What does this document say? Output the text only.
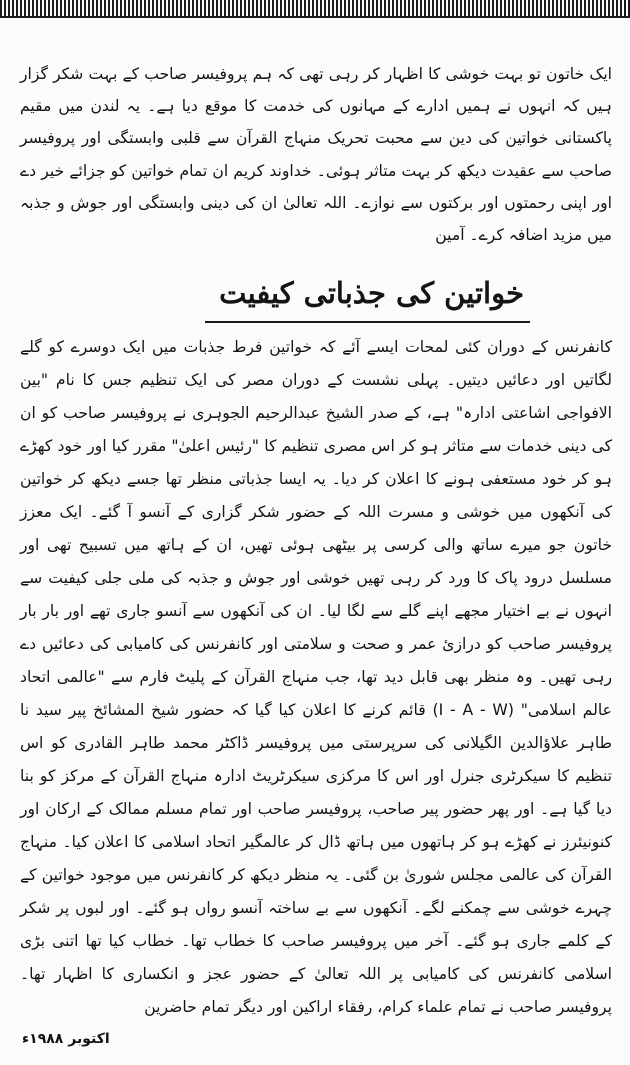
ایک خاتون تو بہت خوشی کا اظہار کر رہی تھی کہ ہم پروفیسر صاحب کے بہت شکر گزار ہیں کہ انہوں نے ہمیں ادارے کے مہانوں کی خدمت کا موقع دیا ہے۔ یہ لندن میں مقیم پاکستانی خواتین کی دین سے محبت تحریک منہاج القرآن سے قلبی وابستگی اور پروفیسر صاحب سے عقیدت دیکھ کر بہت متاثر ہوئی۔ خداوند کریم ان تمام خواتین کو جزائے خیر دے اور اپنی رحمتوں اور برکتوں سے نوازے۔ اللہ تعالیٰ ان کی دینی وابستگی اور جوش و جذبہ میں مزید اضافہ کرے۔ آمین

خواتین کی جذباتی کیفیت

کانفرنس کے دوران کئی لمحات ایسے آئے کہ خواتین فرط جذبات میں ایک دوسرے کو گلے لگاتیں اور دعائیں دیتیں۔ پہلی نشست کے دوران مصر کی ایک تنظیم جس کا نام "بین الافواجی اشاعتی ادارہ" ہے، کے صدر الشیخ عبدالرحیم الجوہری نے پروفیسر صاحب کو ان کی دینی خدمات سے متاثر ہو کر اس مصری تنظیم کا "رئیس اعلیٰ" مقرر کیا اور خود کھڑے ہو کر خود مستعفی ہونے کا اعلان کر دیا۔ یہ ایسا جذباتی منظر تھا جسے دیکھ کر خواتین کی آنکھوں میں خوشی و مسرت اللہ کے حضور شکر گزاری کے آنسو آ گئے۔ ایک معزز خاتون جو میرے ساتھ والی کرسی پر بیٹھی ہوئی تھیں، ان کے ہاتھ میں تسبیح تھی اور مسلسل درود پاک کا ورد کر رہی تھیں خوشی اور جوش و جذبہ کی ملی جلی کیفیت سے انہوں نے بے اختیار مجھے اپنے گلے سے لگا لیا۔ ان کی آنکھوں سے آنسو جاری تھے اور بار بار پروفیسر صاحب کو درازئ عمر و صحت و سلامتی اور کانفرنس کی کامیابی کی دعائیں دے رہی تھیں۔ وہ منظر بھی قابل دید تھا، جب منہاج القرآن کے پلیٹ فارم سے "عالمی اتحاد عالم اسلامی" (I - A - W) قائم کرنے کا اعلان کیا گیا کہ حضور شیخ المشائخ پیر سید نا طاہر علاؤالدین الگیلانی کی سرپرستی میں پروفیسر ڈاکٹر محمد طاہر القادری کو اس تنظیم کا سیکرٹری جنرل اور اس کا مرکزی سیکرٹریٹ ادارہ منہاج القرآن کے مرکز کو بنا دیا گیا ہے۔ اور پھر حضور پیر صاحب، پروفیسر صاحب اور تمام مسلم ممالک کے ارکان اور کنونیئرز نے کھڑے ہو کر ہاتھوں میں ہاتھ ڈال کر عالمگیر اتحاد اسلامی کا اعلان کیا۔ منہاج القرآن کی عالمی مجلس شوریٰ بن گئی۔ یہ منظر دیکھ کر کانفرنس میں موجود خواتین کے چہرے خوشی سے چمکنے لگے۔ آنکھوں سے بے ساختہ آنسو رواں ہو گئے۔ اور لبوں پر شکر کے کلمے جاری ہو گئے۔ آخر میں پروفیسر صاحب کا خطاب تھا۔ خطاب کیا تھا اتنی بڑی اسلامی کانفرنس کی کامیابی پر اللہ تعالیٰ کے حضور عجز و انکساری کا اظہار تھا۔ پروفیسر صاحب نے تمام علماء کرام، رفقاء اراکین اور دیگر تمام حاضرین

اکتوبر ۱۹۸۸ء
